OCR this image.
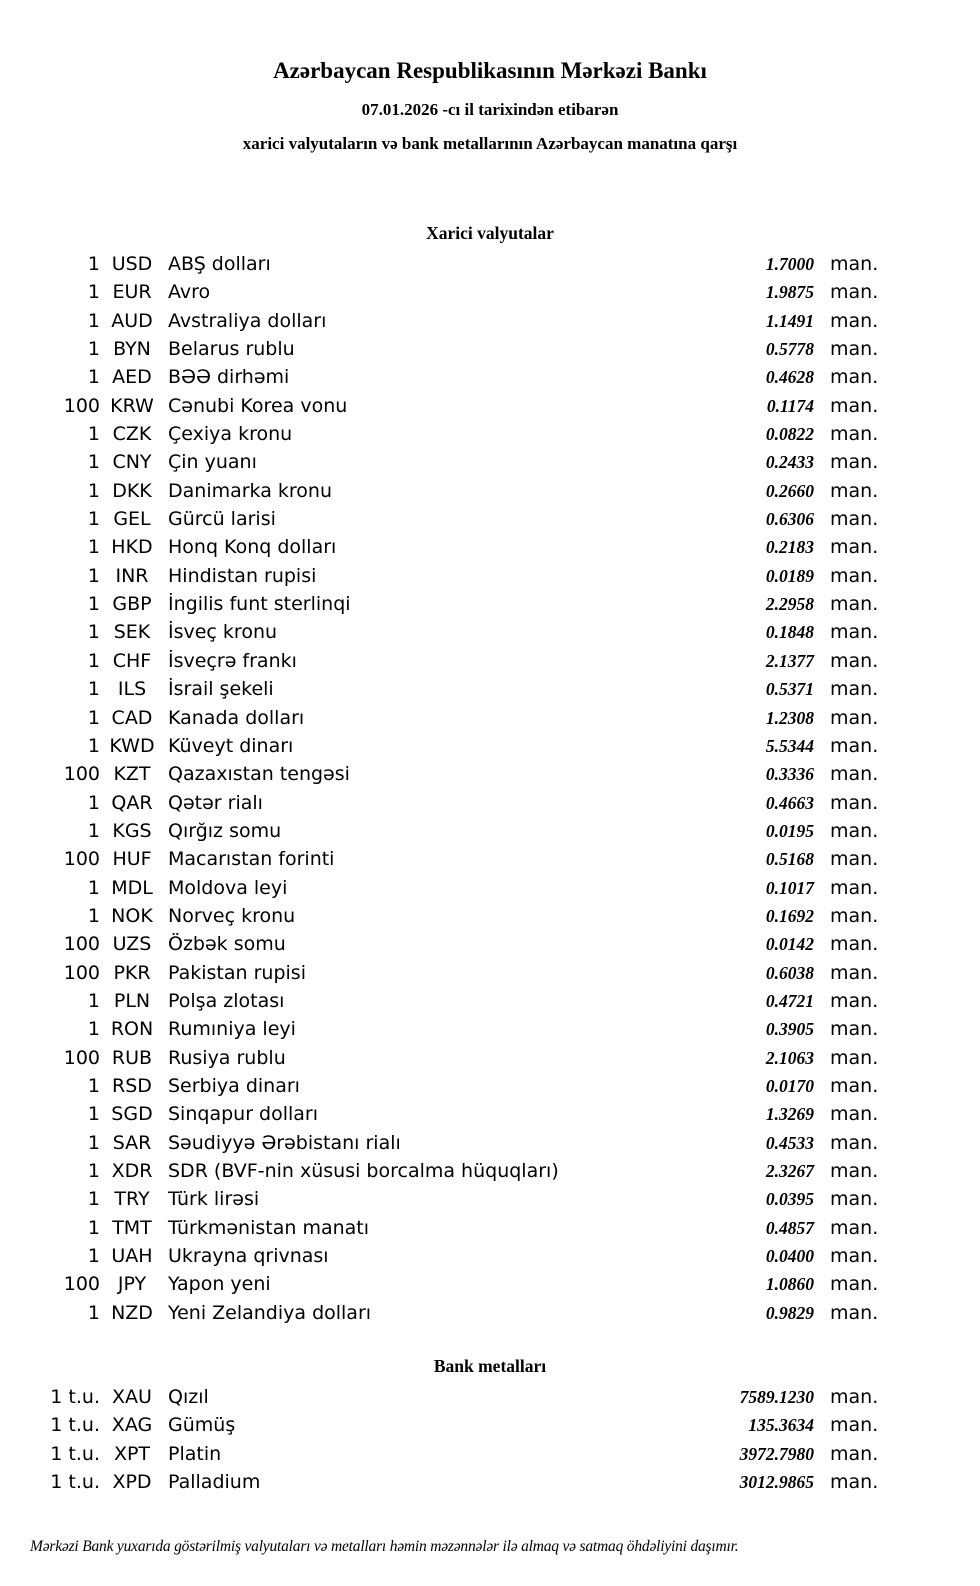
Azərbaycan Respublikasının Mərkəzi Bankı
07.01.2026 -cı il tarixindən etibarən
xarici valyutaların və bank metallarının Azərbaycan manatına qarşı
Xarici valyutalar
1 USD ABŞ dolları	1.7000 man.
1 EUR Avro	1.9875 man.
1 AUD Avstraliya dolları	1.1491 man.
1 BYN Belarus rublu	0.5778 man.
1 AED BƏƏ dirhəmi	0.4628 man.
100 KRW Cənubi Korea vonu	0.1174 man.
1 CZK Çexiya kronu	0.0822 man.
1 CNY Çin yuanı	0.2433 man.
1 DKK Danimarka kronu	0.2660 man.
1 GEL Gürcü larisi	0.6306 man.
1 HKD Honq Konq dolları	0.2183 man.
1 INR	Hindistan rupisi	0.0189 man.
1 GBP İngilis funt sterlinqi	2.2958 man.
1 SEK İsveç kronu	0.1848 man.
1 CHF İsveçrə frankı	2.1377 man.
1 ILS	İsrail şekeli	0.5371 man.
1 CAD Kanada dolları	1.2308 man.
1 KWD Küveyt dinarı	5.5344 man.
100 KZT Qazaxıstan tengəsi	0.3336 man.
1 QAR Qətər rialı	0.4663 man.
1 KGS Qırğız somu	0.0195 man.
100 HUF Macarıstan forinti	0.5168 man.
1 MDL Moldova leyi	0.1017 man.
1 NOK Norveç kronu	0.1692 man.
100 UZS Özbək somu	0.0142 man.
100 PKR Pakistan rupisi	0.6038 man.
1 PLN Polşa zlotası	0.4721 man.
1 RON Rumıniya leyi	0.3905 man.
100 RUB Rusiya rublu	2.1063 man.
1 RSD Serbiya dinarı	0.0170 man.
1 SGD Sinqapur dolları	1.3269 man.
1 SAR Səudiyyə Ərəbistanı rialı	0.4533 man.
1 XDR SDR (BVF-nin xüsusi borcalma hüquqları)	2.3267 man.
1 TRY Türk lirəsi	0.0395 man.
1 TMT Türkmənistan manatı	0.4857 man.
1 UAH Ukrayna qrivnası	0.0400 man.
100 JPY	Yapon yeni	1.0860 man.
1 NZD Yeni Zelandiya dolları	0.9829 man.
Bank metalları
1 t.u. XAU Qızıl	7589.1230 man.
1 t.u. XAG Gümüş	135.3634 man.
1 t.u. XPT Platin	3972.7980 man.
1 t.u. XPD Palladium	3012.9865 man.
Mərkəzi Bank yuxarıda göstərilmiş valyutaları və metalları həmin məzənnələr ilə almaq və satmaq öhdəliyini daşımır.
